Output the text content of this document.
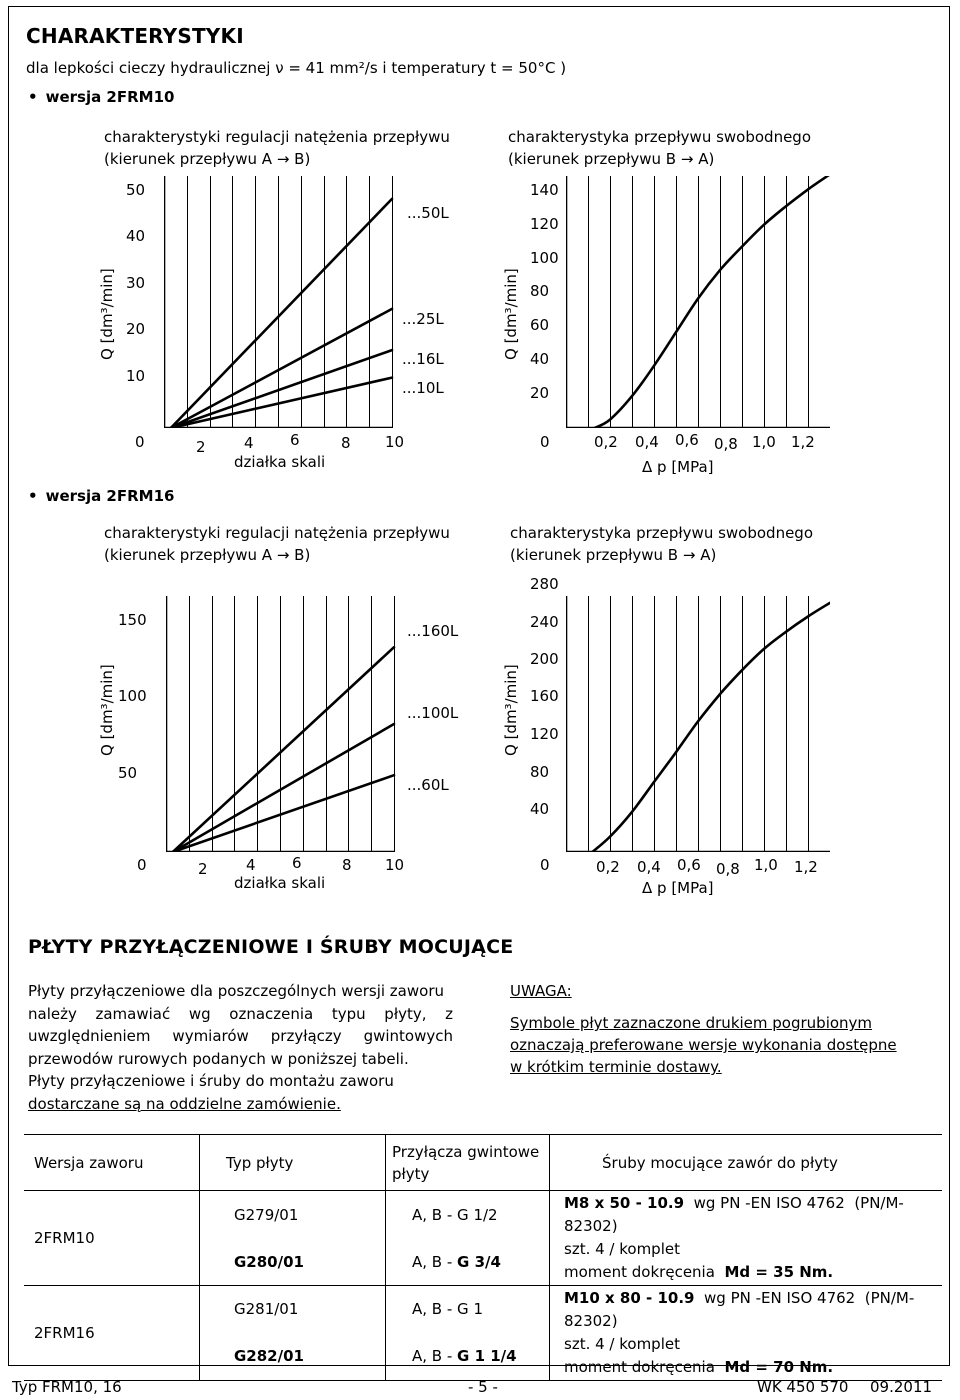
CHARAKTERYSTYKI
dla lepkości cieczy hydraulicznej ν = 41 mm²/s i temperatury t = 50°C )
• wersja 2FRM10
charakterystyki regulacji natężenia przepływu
(kierunek przepływu A → B)
Q [dm³/min]
50
40
30
20
10
...50L
...25L
...16L
...10L
0	2	4 6	8 10
działka skali
charakterystyka przepływu swobodnego
(kierunek przepływu B → A)
Q [dm³/min]
140
120
100
80
60
40
20
0	0,2 0,4 0,6 0,8 1,0 1,2
Δ p [MPa]
• wersja 2FRM16
charakterystyki regulacji natężenia przepływu
(kierunek przepływu A → B)
Q [dm³/min]
150
100
50
...160L
...100L
...60L
0	2	4 6	8 10
działka skali
charakterystyka przepływu swobodnego
(kierunek przepływu B → A)
Q [dm³/min]
280
240
200
160
120
80
40
0	0,2 0,4 0,6 0,8 1,0 1,2
Δ p [MPa]
PŁYTY PRZYŁĄCZENIOWE I ŚRUBY MOCUJĄCE
Płyty przyłączeniowe dla poszczególnych wersji zaworu
należy zamawiać wg oznaczenia typu płyty, z
uwzględnieniem wymiarów przyłączy gwintowych
przewodów rurowych podanych w poniższej tabeli.
Płyty przyłączeniowe i śruby do montażu zaworu
dostarczane są na oddzielne zamówienie.
UWAGA:
Symbole płyt zaznaczone drukiem pogrubionym
oznaczają preferowane wersje wykonania dostępne
w krótkim terminie dostawy.
Wersja zaworu	Typ płyty	Przyłącza gwintowe
płyty	Śruby mocujące zawór do płyty
2FRM10	G279/01	A, B - G 1/2	M8 x 50 - 10.9 wg PN -EN ISO 4762 (PN/M-82302)
szt. 4 / komplet
moment dokręcenia Md = 35 Nm.

	G280/01	A, B - G 3/4	
2FRM16	G281/01	A, B - G 1	M10 x 80 - 10.9 wg PN -EN ISO 4762 (PN/M-82302)
szt. 4 / komplet
moment dokręcenia Md = 70 Nm.

	G282/01	A, B - G 1 1/4	
Typ FRM10, 16	- 5 -	WK 450 570 09.2011
